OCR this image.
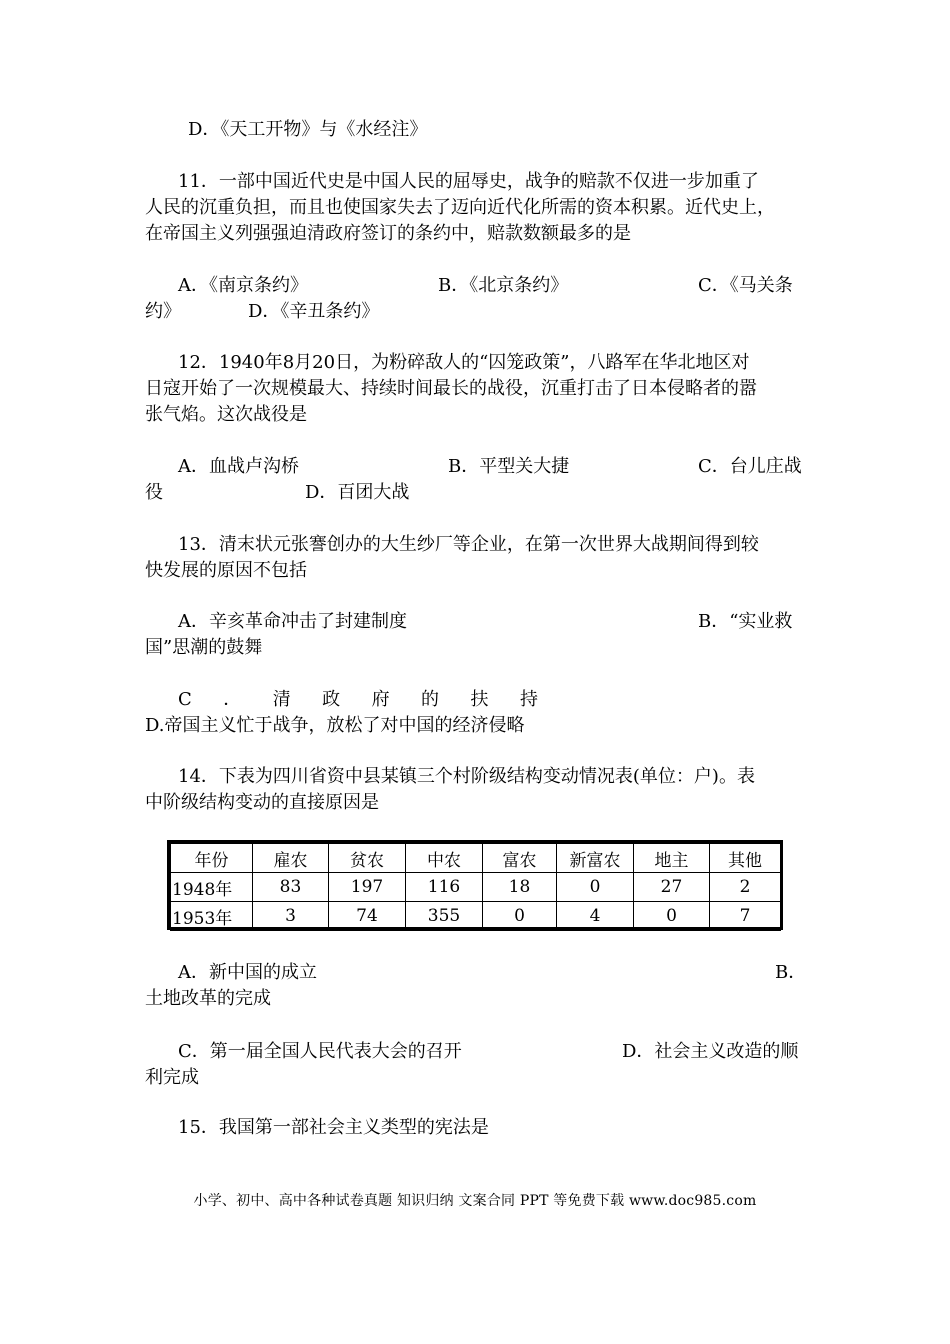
D．《天工开物》与《水经注》
11．一部中国近代史是中国人民的屈辱史，战争的赔款不仅进一步加重了
人民的沉重负担，而且也使国家失去了迈向近代化所需的资本积累。近代史上，
在帝国主义列强强迫清政府签订的条约中，赔款数额最多的是
A．《南京条约》	B．《北京条约》	C．《马关条
约》	D．《辛丑条约》
12．1940年8月20日，为粉碎敌人的“囚笼政策”，八路军在华北地区对
日寇开始了一次规模最大、持续时间最长的战役，沉重打击了日本侵略者的嚣
张气焰。这次战役是
A．血战卢沟桥	B．平型关大捷	C．台儿庄战
役	D．百团大战
13．清末状元张謇创办的大生纱厂等企业，在第一次世界大战期间得到较
快发展的原因不包括
A．辛亥革命冲击了封建制度	B．“实业救
国”思潮的鼓舞
C ． 清 政 府 的 扶 持
D.帝国主义忙于战争，放松了对中国的经济侵略
14．下表为四川省资中县某镇三个村阶级结构变动情况表(单位：户)。表
中阶级结构变动的直接原因是
年份	雇农	贫农	中农	富农	新富农	地主	其他
1948年	83	197	116	18	0	27	2
1953年	3	74	355	0	4	0	7
A．新中国的成立	B．
土地改革的完成
C．第一届全国人民代表大会的召开	D．社会主义改造的顺
利完成
15．我国第一部社会主义类型的宪法是
小学、初中、高中各种试卷真题 知识归纳 文案合同 PPT 等免费下载 www.doc985.com
